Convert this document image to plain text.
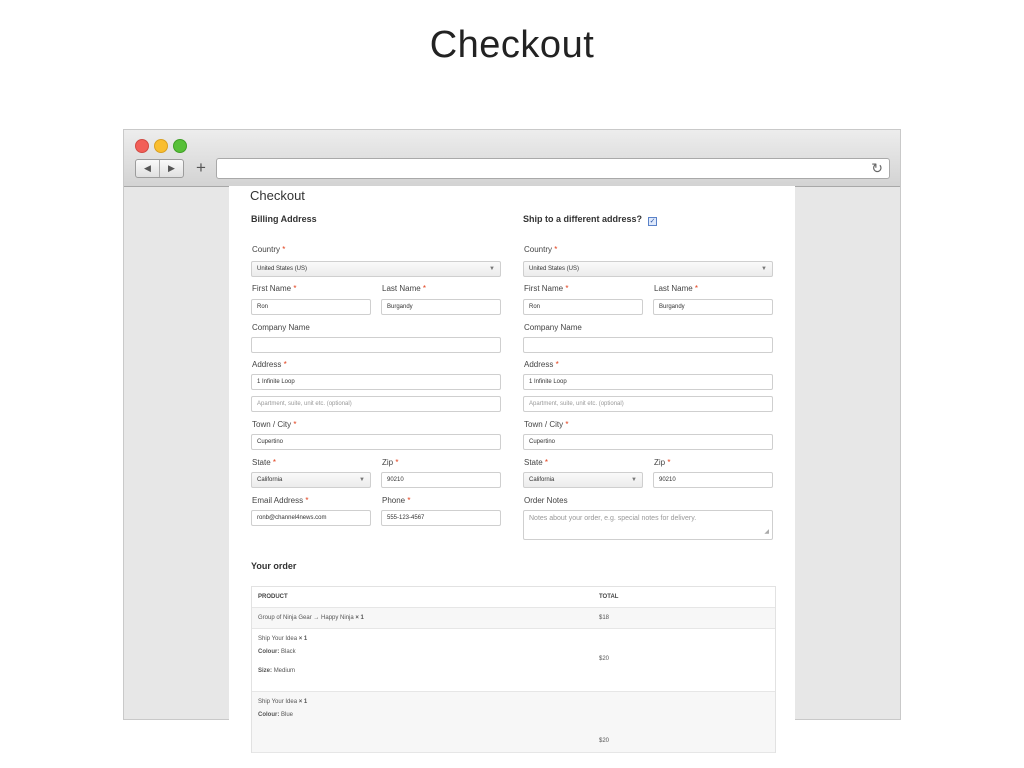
Checkout
◀	▶	+	↻
Checkout
Billing Address
Country *
United States (US)	▼
First Name *
Ron
Last Name *
Burgandy
Company Name
Address *
1 Infinite Loop
Apartment, suite, unit etc. (optional)
Town / City *
Cupertino
State *
California	▼
Zip *
90210
Email Address *
ronb@channel4news.com
Phone *
555-123-4567
Ship to a different address? ✓
Country *
United States (US)	▼
First Name *
Ron
Last Name *
Burgandy
Company Name
Address *
1 Infinite Loop
Apartment, suite, unit etc. (optional)
Town / City *
Cupertino
State *
California	▼
Zip *
90210
Order Notes
Notes about your order, e.g. special notes for delivery.
◢
Your order
PRODUCT	TOTAL
Group of Ninja Gear → Happy Ninja × 1	$18
Ship Your Idea × 1
Colour: Black
Size: Medium
$20
Ship Your Idea × 1
Colour: Blue
$20
